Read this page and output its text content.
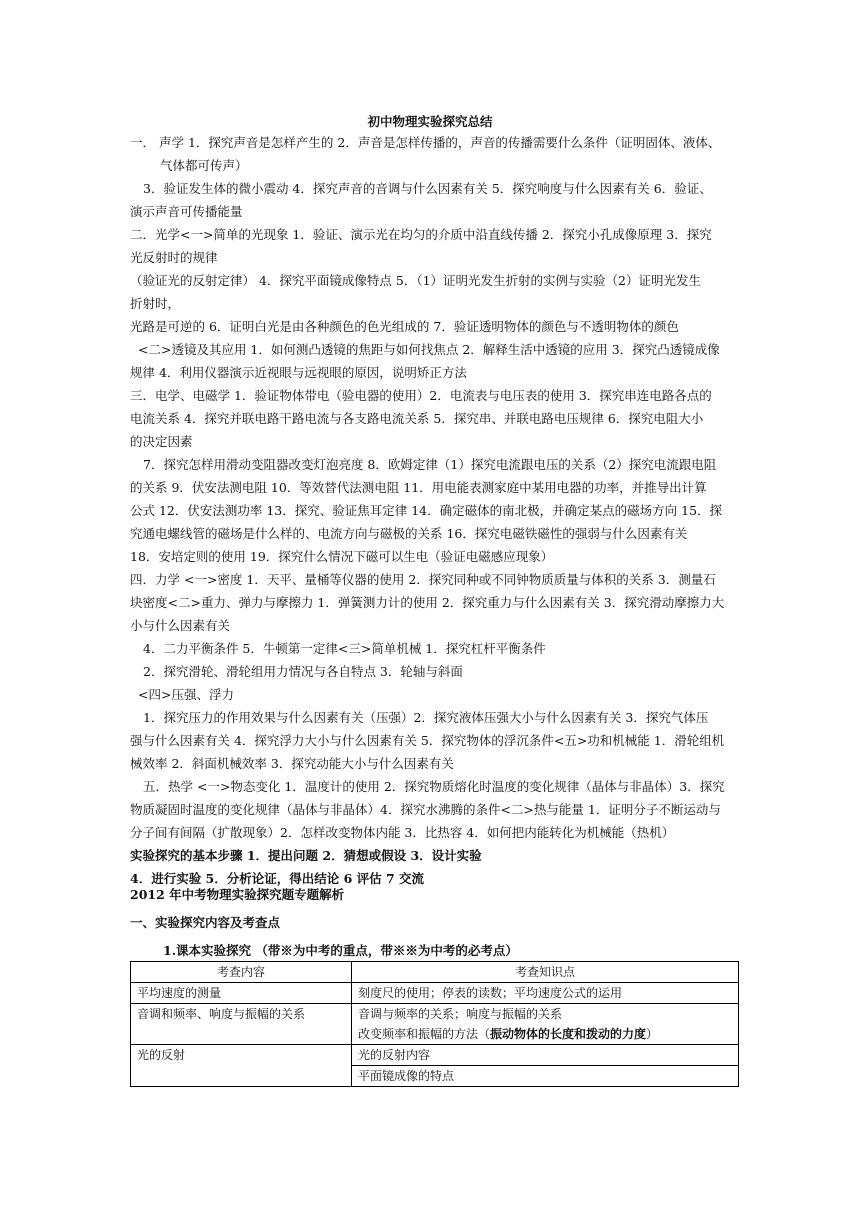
初中物理实验探究总结
一． 声学 1．探究声音是怎样产生的 2．声音是怎样传播的，声音的传播需要什么条件（证明固体、液体、
气体都可传声）
3．验证发生体的微小震动 4．探究声音的音调与什么因素有关 5．探究响度与什么因素有关 6．验证、
演示声音可传播能量
二．光学<一>简单的光现象 1．验证、演示光在均匀的介质中沿直线传播 2．探究小孔成像原理 3．探究
光反射时的规律
（验证光的反射定律） 4．探究平面镜成像特点 5．（1）证明光发生折射的实例与实验（2）证明光发生
折射时，
光路是可逆的 6．证明白光是由各种颜色的色光组成的 7．验证透明物体的颜色与不透明物体的颜色
<二>透镜及其应用 1．如何测凸透镜的焦距与如何找焦点 2．解释生活中透镜的应用 3．探究凸透镜成像
规律 4．利用仪器演示近视眼与远视眼的原因，说明矫正方法
三．电学、电磁学 1．验证物体带电（验电器的使用）2．电流表与电压表的使用 3．探究串连电路各点的
电流关系 4．探究并联电路干路电流与各支路电流关系 5．探究串、并联电路电压规律 6．探究电阻大小
的决定因素
7．探究怎样用滑动变阻器改变灯泡亮度 8．欧姆定律（1）探究电流跟电压的关系（2）探究电流跟电阻
的关系 9．伏安法测电阻 10．等效替代法测电阻 11．用电能表测家庭中某用电器的功率，并推导出计算
公式 12．伏安法测功率 13．探究、验证焦耳定律 14．确定磁体的南北极，并确定某点的磁场方向 15．探
究通电螺线管的磁场是什么样的、电流方向与磁极的关系 16．探究电磁铁磁性的强弱与什么因素有关
18．安培定则的使用 19．探究什么情况下磁可以生电（验证电磁感应现象）
四．力学 <一>密度 1．天平、量桶等仪器的使用 2．探究同种或不同钟物质质量与体积的关系 3．测量石
块密度<二>重力、弹力与摩擦力 1．弹簧测力计的使用 2．探究重力与什么因素有关 3．探究滑动摩擦力大
小与什么因素有关
4．二力平衡条件 5．牛顿第一定律<三>简单机械 1．探究杠杆平衡条件
2．探究滑轮、滑轮组用力情况与各自特点 3．轮轴与斜面
<四>压强、浮力
1．探究压力的作用效果与什么因素有关（压强）2．探究液体压强大小与什么因素有关 3．探究气体压
强与什么因素有关 4．探究浮力大小与什么因素有关 5．探究物体的浮沉条件<五>功和机械能 1．滑轮组机
械效率 2．斜面机械效率 3．探究动能大小与什么因素有关
五．热学 <一>物态变化 1．温度计的使用 2．探究物质熔化时温度的变化规律（晶体与非晶体）3．探究
物质凝固时温度的变化规律（晶体与非晶体）4．探究水沸腾的条件<二>热与能量 1．证明分子不断运动与
分子间有间隔（扩散现象）2．怎样改变物体内能 3．比热容 4．如何把内能转化为机械能（热机）
实验探究的基本步骤 1．提出问题 2．猜想或假设 3．设计实验
4．进行实验 5．分析论证，得出结论 6 评估 7 交流
2012 年中考物理实验探究题专题解析
一、实验探究内容及考查点
1.课本实验探究 （带※为中考的重点，带※※为中考的必考点）
考查内容	考查知识点
平均速度的测量	刻度尺的使用；停表的读数；平均速度公式的运用
音调和频率、响度与振幅的关系	音调与频率的关系；响度与振幅的关系
改变频率和振幅的方法（振动物体的长度和拨动的力度）

光的反射	光的反射内容
	平面镜成像的特点
